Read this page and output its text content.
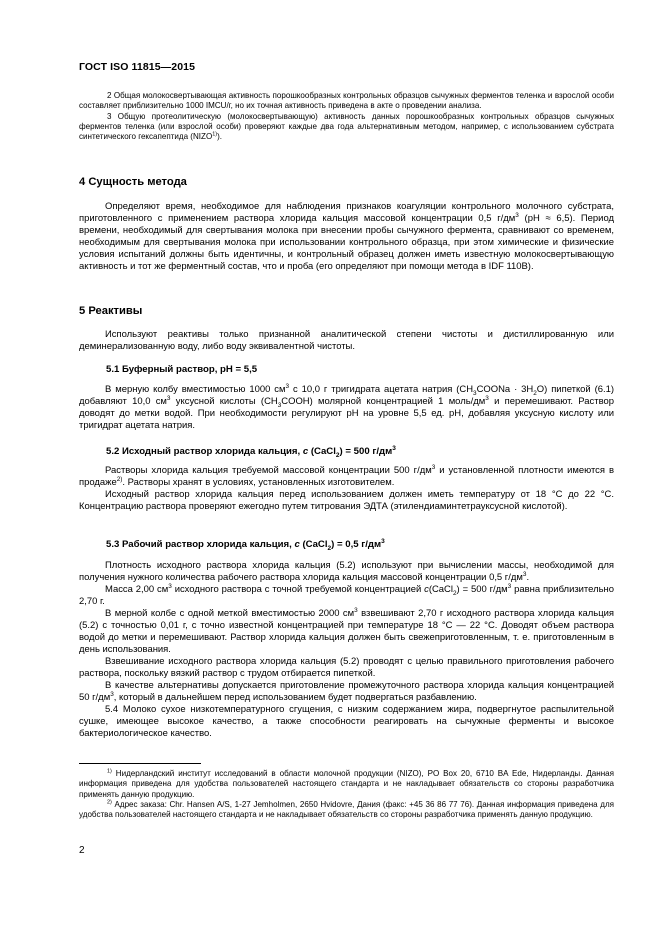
ГОСТ ISO 11815—2015

2 Общая молокосвертывающая активность порошкообразных контрольных образцов сычужных ферментов теленка и взрослой особи составляет приблизительно 1000 IMCU/г, но их точная активность приведена в акте о проведении анализа.

3 Общую протеолитическую (молокосвертывающую) активность данных порошкообразных контрольных образцов сычужных ферментов теленка (или взрослой особи) проверяют каждые два года альтернативным методом, например, с использованием субстрата синтетического гексапептида (NIZO$^{1)}$).

4 Сущность метода

Определяют время, необходимое для наблюдения признаков коагуляции контрольного молочного субстрата, приготовленного с применением раствора хлорида кальция массовой концентрации 0,5 $г/дм^3$ (pH ≈ 6,5). Период времени, необходимый для свертывания молока при внесении пробы сычужного фермента, сравнивают со временем, необходимым для свертывания молока при использовании контрольного образца, при этом химические и физические условия испытаний должны быть идентичны, и контрольный образец должен иметь известную молокосвертывающую активность и тот же ферментный состав, что и проба (его определяют при помощи метода в IDF 110B).

5 Реактивы

Используют реактивы только признанной аналитической степени чистоты и дистиллированную или деминерализованную воду, либо воду эквивалентной чистоты.

5.1 Буферный раствор, pH = 5,5

В мерную колбу вместимостью 1000 $см^3$ с 10,0 г тригидрата ацетата натрия $(CH_3COONa \cdot 3H_2O)$ пипеткой (6.1) добавляют 10,0 $см^3$ уксусной кислоты $(CH_3COOH)$ молярной концентрацией 1 моль/$дм^3$ и перемешивают. Раствор доводят до метки водой. При необходимости регулируют pH на уровне 5,5 ед. pH, добавляя уксусную кислоту или тригидрат ацетата натрия.

5.2 Исходный раствор хлорида кальция, c (CaCl$_2$) = 500 $г/дм^3$

Растворы хлорида кальция требуемой массовой концентрации 500 $г/дм^3$ и установленной плотности имеются в продаже$^{2)}$. Растворы хранят в условиях, установленных изготовителем.

Исходный раствор хлорида кальция перед использованием должен иметь температуру от 18 °C до 22 °C. Концентрацию раствора проверяют ежегодно путем титрования ЭДТА (этилендиаминтетрауксусной кислотой).

5.3 Рабочий раствор хлорида кальция, c (CaCl$_2$) = 0,5 $г/дм^3$

Плотность исходного раствора хлорида кальция (5.2) используют при вычислении массы, необходимой для получения нужного количества рабочего раствора хлорида кальция массовой концентрации 0,5 $г/дм^3$.

Масса 2,00 $см^3$ исходного раствора с точной требуемой концентрацией c(CaCl$_2$) = 500 $г/дм^3$ равна приблизительно 2,70 г.

В мерной колбе с одной меткой вместимостью 2000 $см^3$ взвешивают 2,70 г исходного раствора хлорида кальция (5.2) с точностью 0,01 г, с точно известной концентрацией при температуре 18 °C — 22 °C. Доводят объем раствора водой до метки и перемешивают. Раствор хлорида кальция должен быть свежеприготовленным, т. е. приготовленным в день использования.

Взвешивание исходного раствора хлорида кальция (5.2) проводят с целью правильного приготовления рабочего раствора, поскольку вязкий раствор с трудом отбирается пипеткой.

В качестве альтернативы допускается приготовление промежуточного раствора хлорида кальция концентрацией 50 $г/дм^3$, который в дальнейшем перед использованием будет подвергаться разбавлению.

5.4 Молоко сухое низкотемпературного сгущения, с низким содержанием жира, подвергнутое распылительной сушке, имеющее высокое качество, а также способности реагировать на сычужные ферменты и высокое бактериологическое качество.

$^{1)}$ Нидерландский институт исследований в области молочной продукции (NIZO), PO Box 20, 6710 BA Ede, Нидерланды. Данная информация приведена для удобства пользователей настоящего стандарта и не накладывает обязательств со стороны разработчика применять данную продукцию.

$^{2)}$ Адрес заказа: Chr. Hansen A/S, 1-27 Jemholmen, 2650 Hvidovre, Дания (факс: +45 36 86 77 76). Данная информация приведена для удобства пользователей настоящего стандарта и не накладывает обязательств со стороны разработчика применять данную продукцию.

2
